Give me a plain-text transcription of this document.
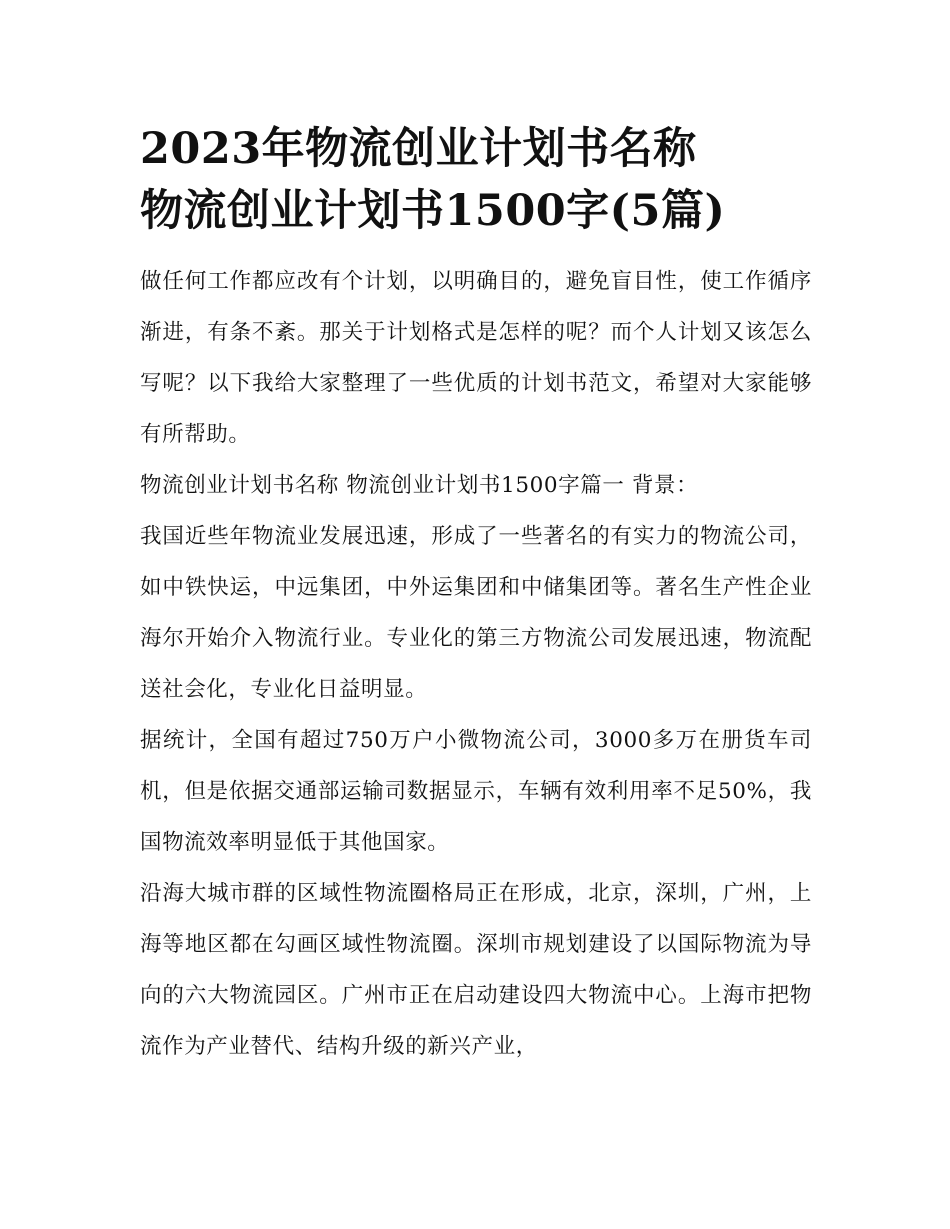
2023年物流创业计划书名称
物流创业计划书1500字(5篇)

做任何工作都应改有个计划，以明确目的，避免盲目性，使工作循序渐进，有条不紊。那关于计划格式是怎样的呢？而个人计划又该怎么写呢？以下我给大家整理了一些优质的计划书范文，希望对大家能够有所帮助。

物流创业计划书名称 物流创业计划书1500字篇一 背景：

我国近些年物流业发展迅速，形成了一些著名的有实力的物流公司，如中铁快运，中远集团，中外运集团和中储集团等。著名生产性企业海尔开始介入物流行业。专业化的第三方物流公司发展迅速，物流配送社会化，专业化日益明显。

据统计，全国有超过750万户小微物流公司，3000多万在册货车司机，但是依据交通部运输司数据显示，车辆有效利用率不足50%，我国物流效率明显低于其他国家。

沿海大城市群的区域性物流圈格局正在形成，北京，深圳，广州，上海等地区都在勾画区域性物流圈。深圳市规划建设了以国际物流为导向的六大物流园区。广州市正在启动建设四大物流中心。上海市把物流作为产业替代、结构升级的新兴产业，
